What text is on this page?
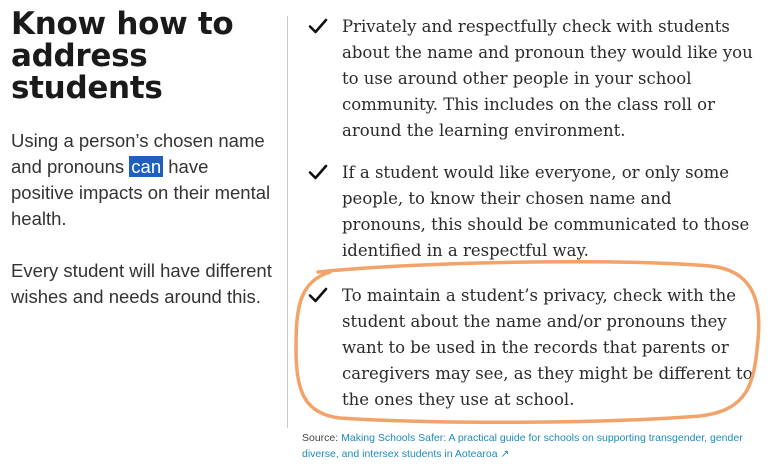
Know how to
address
students

Using a person’s chosen name and pronouns can have positive impacts on their mental health.

Every student will have different wishes and needs around this.

Privately and respectfully check with students about the name and pronoun they would like you to use around other people in your school community. This includes on the class roll or around the learning environment.
If a student would like everyone, or only some people, to know their chosen name and pronouns, this should be communicated to those identified in a respectful way.
To maintain a student’s privacy, check with the student about the name and/or pronouns they want to be used in the records that parents or caregivers may see, as they might be different to the ones they use at school.
Source: Making Schools Safer: A practical guide for schools on supporting transgender, gender diverse, and intersex students in Aotearoa ↗
